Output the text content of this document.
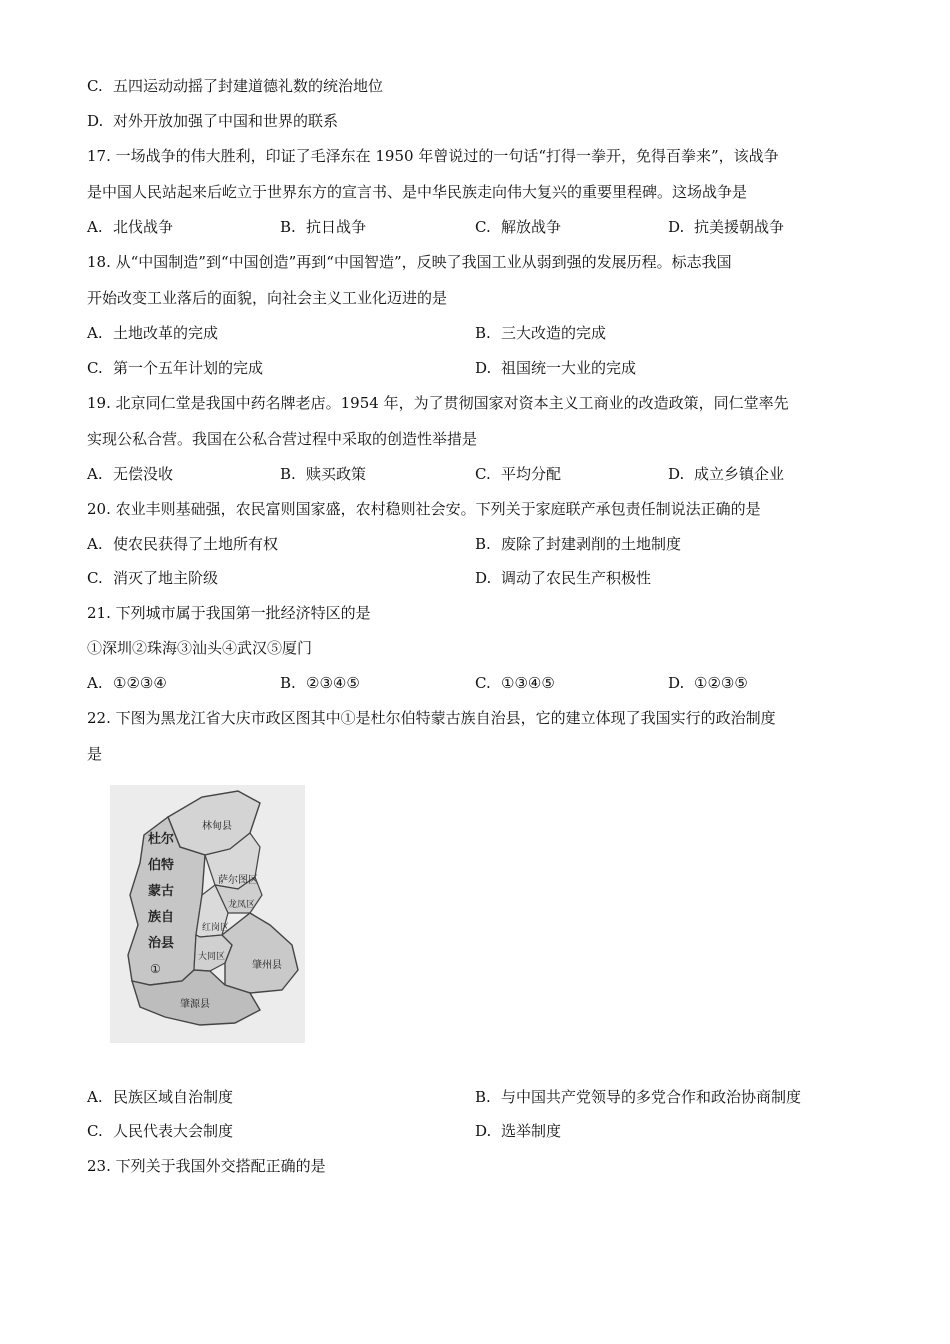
C. 五四运动动摇了封建道德礼数的统治地位
D. 对外开放加强了中国和世界的联系
17. 一场战争的伟大胜利，印证了毛泽东在 1950 年曾说过的一句话“打得一拳开，免得百拳来”，该战争
是中国人民站起来后屹立于世界东方的宣言书、是中华民族走向伟大复兴的重要里程碑。这场战争是
A. 北伐战争	B. 抗日战争	C. 解放战争	D. 抗美援朝战争
18. 从“中国制造”到“中国创造”再到“中国智造”，反映了我国工业从弱到强的发展历程。标志我国
开始改变工业落后的面貌，向社会主义工业化迈进的是
A. 土地改革的完成	B. 三大改造的完成
C. 第一个五年计划的完成	D. 祖国统一大业的完成
19. 北京同仁堂是我国中药名牌老店。1954 年，为了贯彻国家对资本主义工商业的改造政策，同仁堂率先
实现公私合营。我国在公私合营过程中采取的创造性举措是
A. 无偿没收	B. 赎买政策	C. 平均分配	D. 成立乡镇企业
20. 农业丰则基础强，农民富则国家盛，农村稳则社会安。下列关于家庭联产承包责任制说法正确的是
A. 使农民获得了土地所有权	B. 废除了封建剥削的土地制度
C. 消灭了地主阶级	D. 调动了农民生产积极性
21. 下列城市属于我国第一批经济特区的是
①深圳②珠海③汕头④武汉⑤厦门
A. ①②③④	B. ②③④⑤	C. ①③④⑤	D. ①②③⑤
22. 下图为黑龙江省大庆市政区图其中①是杜尔伯特蒙古族自治县，它的建立体现了我国实行的政治制度
是
林甸县
杜尔
伯特
蒙古
族自
治县
①
萨尔图区
龙凤区
红岗区
大同区
肇州县
肇源县
A. 民族区域自治制度	B. 与中国共产党领导的多党合作和政治协商制度
C. 人民代表大会制度	D. 选举制度
23. 下列关于我国外交搭配正确的是
